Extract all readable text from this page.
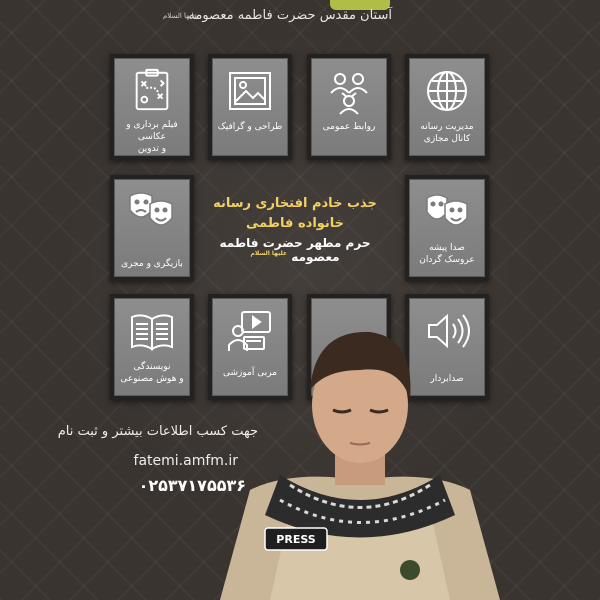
آستان مقدس حضرت فاطمه معصومه
علیها السلام
مدیریت رسانه
کانال مجازی
روابط عمومی
طراحی و گرافیک
فیلم برداری و عکاسی
و تدوین
صدا پیشه
عروسک گردان
بازیگری و مجری
جذب خادم افتخاری رسانه
خانواده فاطمی
حرم مطهر حضرت فاطمه معصومه $^{علیها السلام}$
صدابردار
مربی آموزشی
نویسندگی
و هوش مصنوعی
جهت کسب اطلاعات بیشتر و ثبت نام
fatemi.amfm.ir
۰۲۵۳۷۱۷۵۵۳۶
PRESS
